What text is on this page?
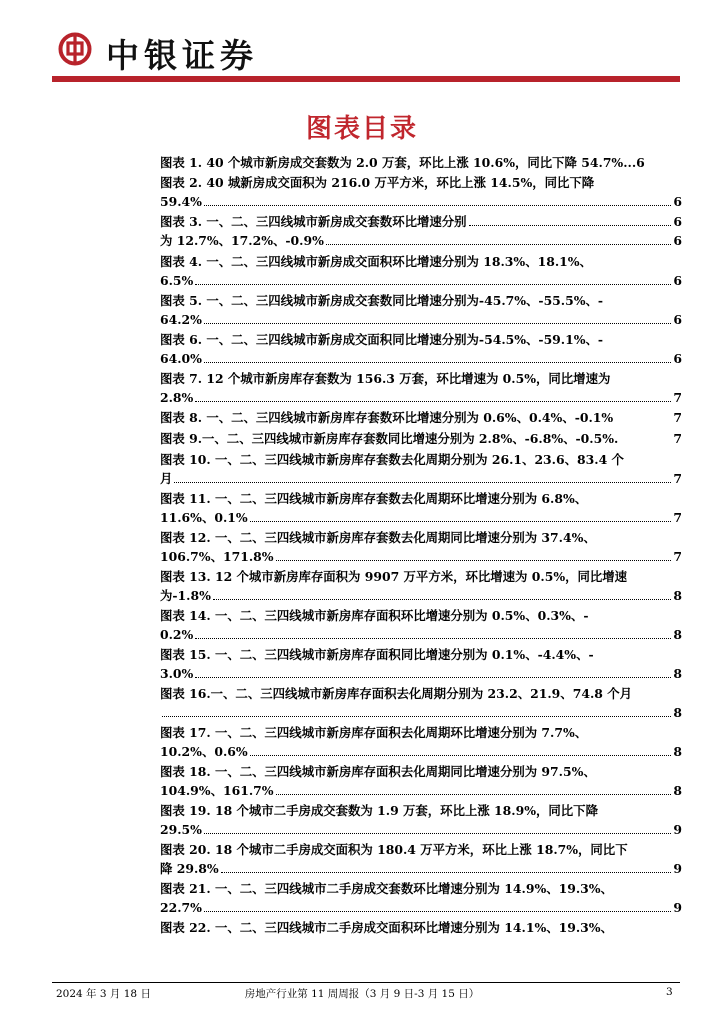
中银证券
图表目录
图表 1. 40 个城市新房成交套数为 2.0 万套，环比上涨 10.6%，同比下降 54.7%... 6
图表 2. 40 城新房成交面积为 216.0 万平方米，环比上涨 14.5%，同比下降
59.4%	6
图表 3. 一、二、三四线城市新房成交套数环比增速分别	6
为 12.7%、17.2%、-0.9%	6
图表 4. 一、二、三四线城市新房成交面积环比增速分别为 18.3%、18.1%、
6.5%	6
图表 5. 一、二、三四线城市新房成交套数同比增速分别为-45.7%、-55.5%、-
64.2%	6
图表 6. 一、二、三四线城市新房成交面积同比增速分别为-54.5%、-59.1%、-
64.0%	6
图表 7. 12 个城市新房库存套数为 156.3 万套，环比增速为 0.5%，同比增速为
2.8%	7
图表 8. 一、二、三四线城市新房库存套数环比增速分别为 0.6%、0.4%、-0.1%	7
图表 9.一、二、三四线城市新房库存套数同比增速分别为 2.8%、-6.8%、-0.5%.	7
图表 10. 一、二、三四线城市新房库存套数去化周期分别为 26.1、23.6、83.4 个
月	7
图表 11. 一、二、三四线城市新房库存套数去化周期环比增速分别为 6.8%、
11.6%、0.1%	7
图表 12. 一、二、三四线城市新房库存套数去化周期同比增速分别为 37.4%、
106.7%、171.8%	7
图表 13. 12 个城市新房库存面积为 9907 万平方米，环比增速为 0.5%，同比增速
为-1.8%	8
图表 14. 一、二、三四线城市新房库存面积环比增速分别为 0.5%、0.3%、-
0.2%	8
图表 15. 一、二、三四线城市新房库存面积同比增速分别为 0.1%、-4.4%、-
3.0%	8
图表 16.一、二、三四线城市新房库存面积去化周期分别为 23.2、21.9、74.8 个月
8
图表 17. 一、二、三四线城市新房库存面积去化周期环比增速分别为 7.7%、
10.2%、0.6%	8
图表 18. 一、二、三四线城市新房库存面积去化周期同比增速分别为 97.5%、
104.9%、161.7%	8
图表 19. 18 个城市二手房成交套数为 1.9 万套，环比上涨 18.9%，同比下降
29.5%	9
图表 20. 18 个城市二手房成交面积为 180.4 万平方米，环比上涨 18.7%，同比下
降 29.8%	9
图表 21. 一、二、三四线城市二手房成交套数环比增速分别为 14.9%、19.3%、
22.7%	9
图表 22. 一、二、三四线城市二手房成交面积环比增速分别为 14.1%、19.3%、
2024 年 3 月 18 日	房地产行业第 11 周周报（3 月 9 日-3 月 15 日）	3
